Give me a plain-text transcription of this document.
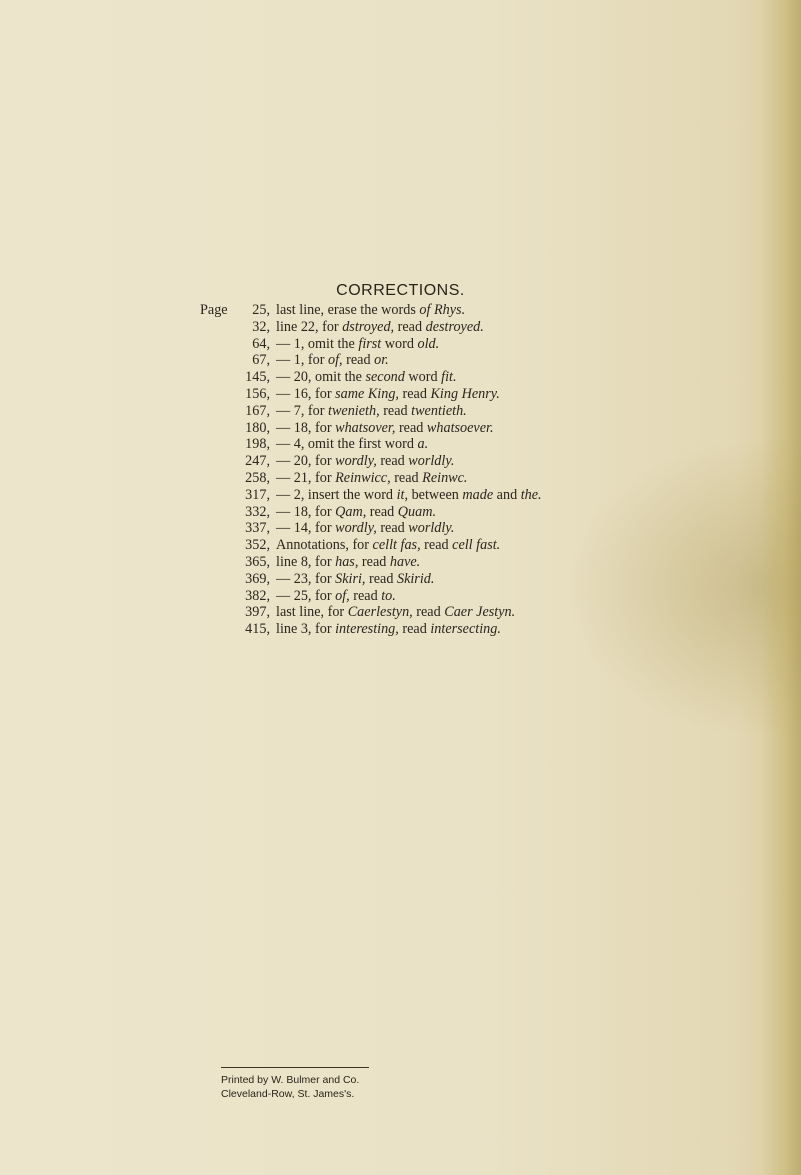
CORRECTIONS.
Page 25, last line, erase the words of Rhys.
32, line 22, for dstroyed, read destroyed.
64, — 1, omit the first word old.
67, — 1, for of, read or.
145, — 20, omit the second word fit.
156, — 16, for same King, read King Henry.
167, — 7, for twenieth, read twentieth.
180, — 18, for whatsover, read whatsoever.
198, — 4, omit the first word a.
247, — 20, for wordly, read worldly.
258, — 21, for Reinwicc, read Reinwc.
317, — 2, insert the word it, between made and the.
332, — 18, for Qam, read Quam.
337, — 14, for wordly, read worldly.
352, Annotations, for cellt fas, read cell fast.
365, line 8, for has, read have.
369, — 23, for Skiri, read Skirid.
382, — 25, for of, read to.
397, last line, for Caerlestyn, read Caer Jestyn.
415, line 3, for interesting, read intersecting.
Printed by W. Bulmer and Co.
Cleveland-Row, St. James's.
